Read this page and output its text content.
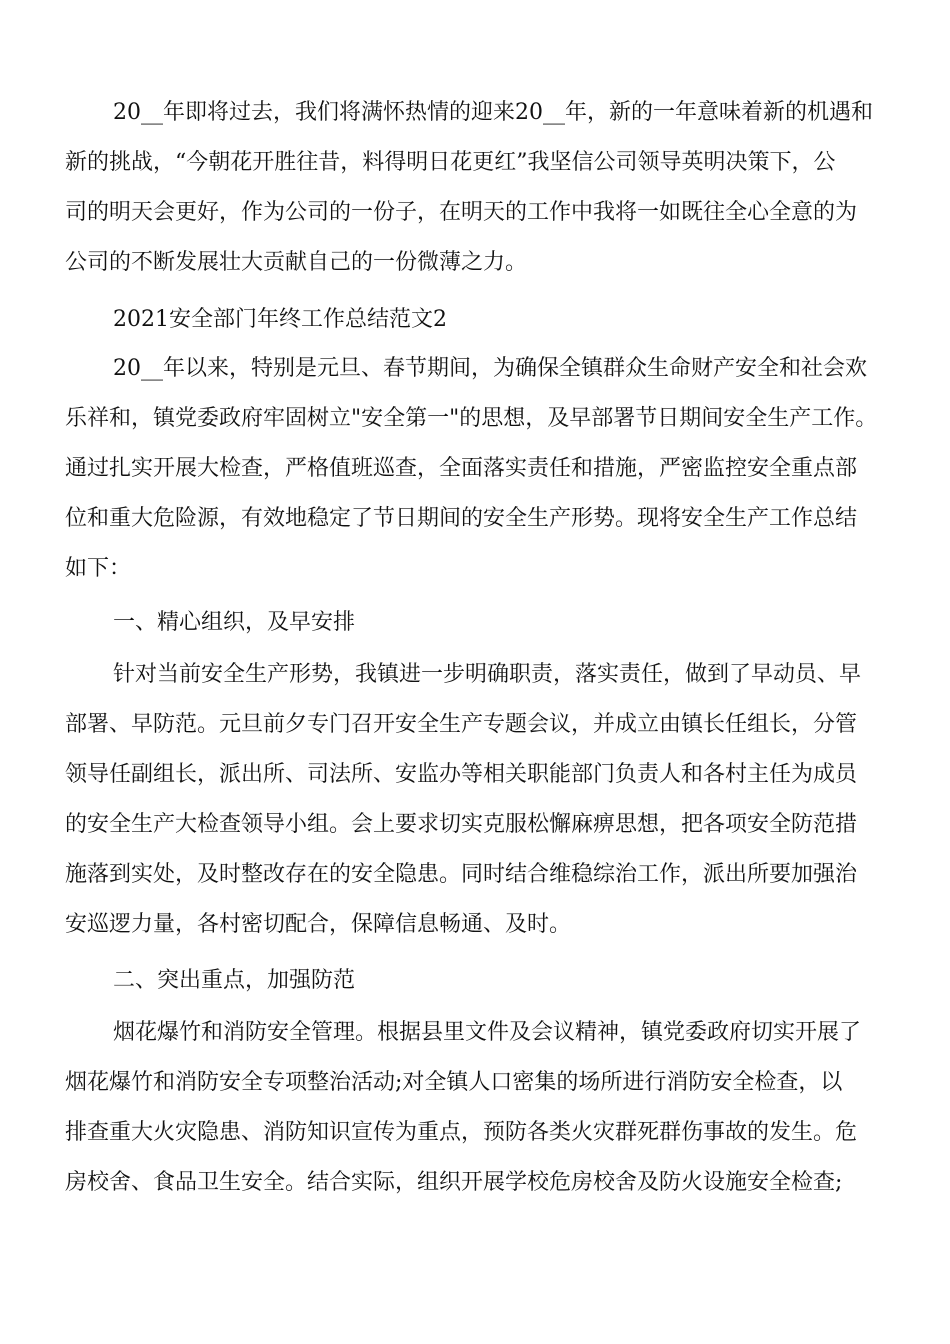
20__年即将过去，我们将满怀热情的迎来20__年，新的一年意味着新的机遇和
新的挑战，“今朝花开胜往昔，料得明日花更红”我坚信公司领导英明决策下，公
司的明天会更好，作为公司的一份子，在明天的工作中我将一如既往全心全意的为
公司的不断发展壮大贡献自己的一份微薄之力。
2021安全部门年终工作总结范文2
20__年以来，特别是元旦、春节期间，为确保全镇群众生命财产安全和社会欢
乐祥和，镇党委政府牢固树立"安全第一"的思想，及早部署节日期间安全生产工作。
通过扎实开展大检查，严格值班巡查，全面落实责任和措施，严密监控安全重点部
位和重大危险源，有效地稳定了节日期间的安全生产形势。现将安全生产工作总结
如下：
一、精心组织，及早安排
针对当前安全生产形势，我镇进一步明确职责，落实责任，做到了早动员、早
部署、早防范。元旦前夕专门召开安全生产专题会议，并成立由镇长任组长，分管
领导任副组长，派出所、司法所、安监办等相关职能部门负责人和各村主任为成员
的安全生产大检查领导小组。会上要求切实克服松懈麻痹思想，把各项安全防范措
施落到实处，及时整改存在的安全隐患。同时结合维稳综治工作，派出所要加强治
安巡逻力量，各村密切配合，保障信息畅通、及时。
二、突出重点，加强防范
烟花爆竹和消防安全管理。根据县里文件及会议精神，镇党委政府切实开展了
烟花爆竹和消防安全专项整治活动;对全镇人口密集的场所进行消防安全检查，以
排查重大火灾隐患、消防知识宣传为重点，预防各类火灾群死群伤事故的发生。危
房校舍、食品卫生安全。结合实际，组织开展学校危房校舍及防火设施安全检查;
